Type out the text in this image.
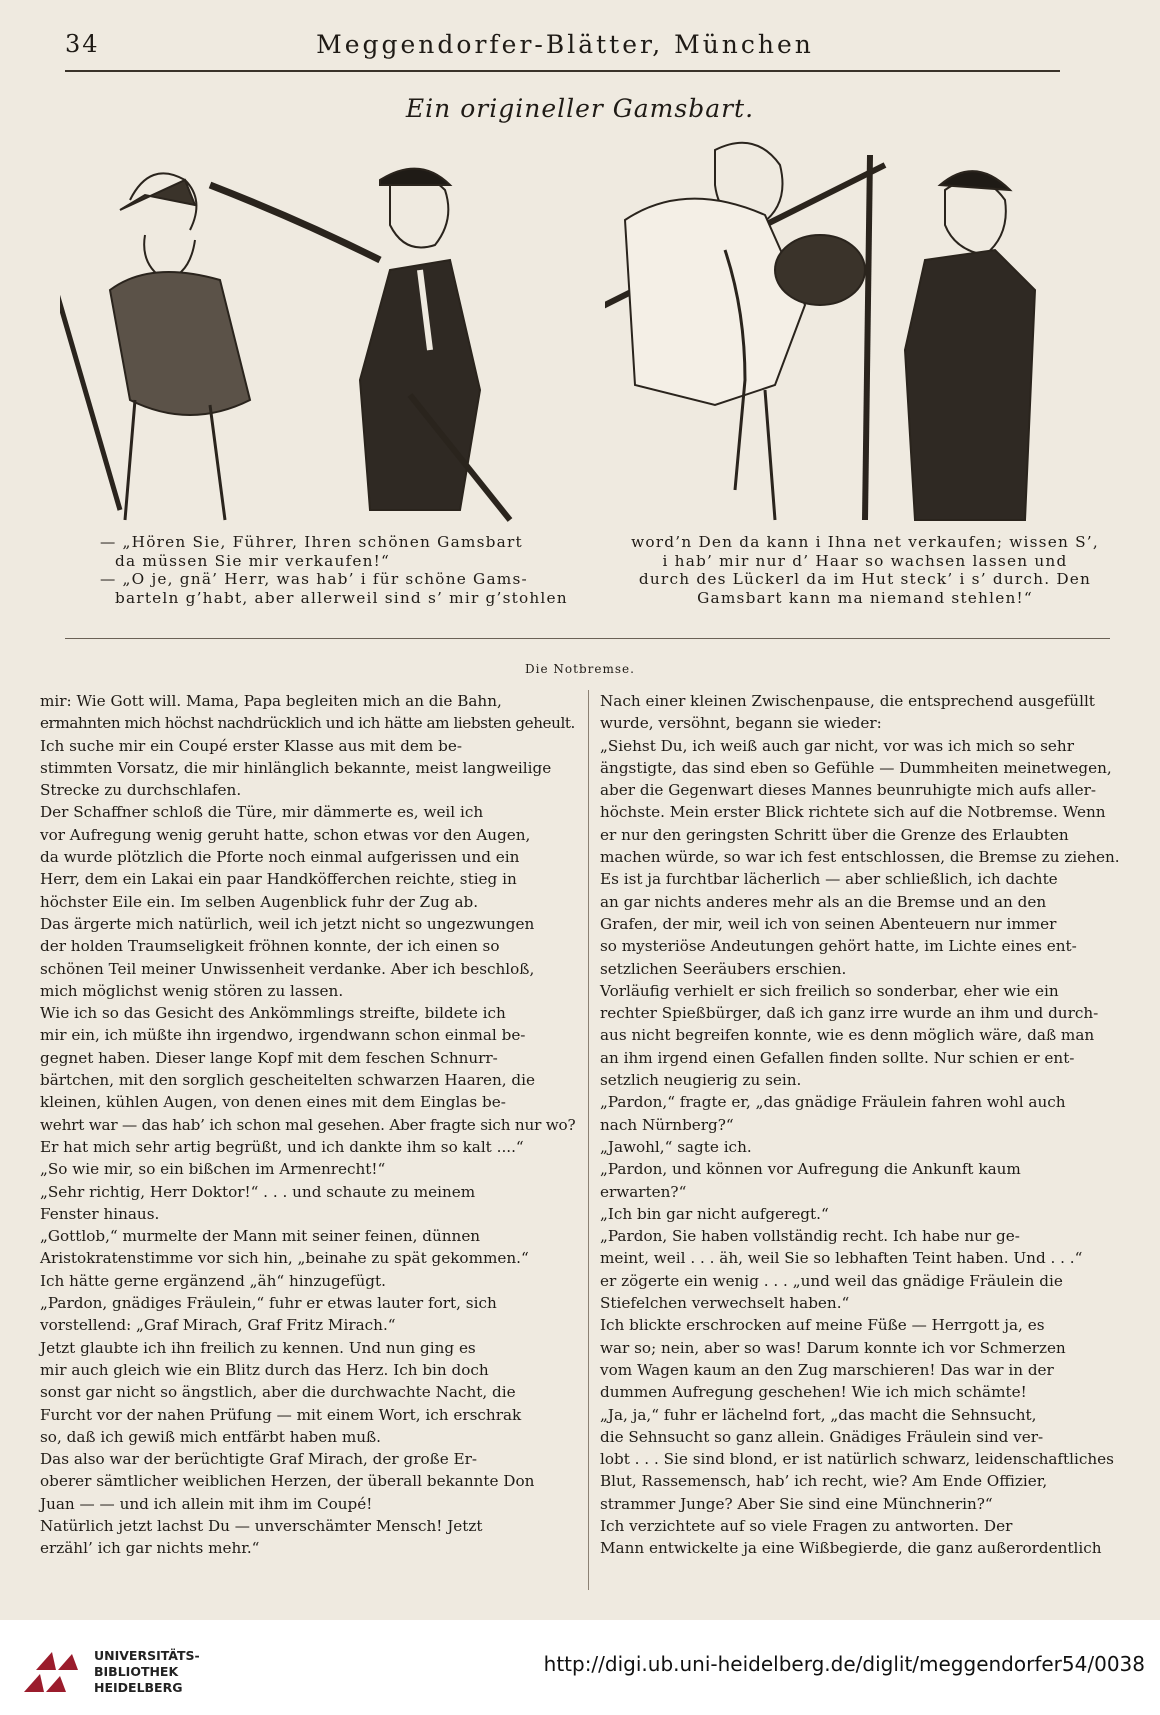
34	Meggendorfer-Blätter, München
Ein origineller Gamsbart.

— „Hören Sie, Führer, Ihren schönen Gamsbart

da müssen Sie mir verkaufen!“

— „O je, gnä’ Herr, was hab’ i für schöne Gams-

barteln g’habt, aber allerweil sind s’ mir g’stohlen

word’n Den da kann i Ihna net verkaufen; wissen S’,

i hab’ mir nur d’ Haar so wachsen lassen und

durch des Lückerl da im Hut steck’ i s’ durch. Den

Gamsbart kann ma niemand stehlen!“

Die Notbremse.

mir: Wie Gott will. Mama, Papa begleiten mich an die Bahn,

ermahnten mich höchst nachdrücklich und ich hätte am liebsten geheult.

Ich suche mir ein Coupé erster Klasse aus mit dem be-

stimmten Vorsatz, die mir hinlänglich bekannte, meist langweilige

Strecke zu durchschlafen.

Der Schaffner schloß die Türe, mir dämmerte es, weil ich

vor Aufregung wenig geruht hatte, schon etwas vor den Augen,

da wurde plötzlich die Pforte noch einmal aufgerissen und ein

Herr, dem ein Lakai ein paar Handköfferchen reichte, stieg in

höchster Eile ein. Im selben Augenblick fuhr der Zug ab.

Das ärgerte mich natürlich, weil ich jetzt nicht so ungezwungen

der holden Traumseligkeit fröhnen konnte, der ich einen so

schönen Teil meiner Unwissenheit verdanke. Aber ich beschloß,

mich möglichst wenig stören zu lassen.

Wie ich so das Gesicht des Ankömmlings streifte, bildete ich

mir ein, ich müßte ihn irgendwo, irgendwann schon einmal be-

gegnet haben. Dieser lange Kopf mit dem feschen Schnurr-

bärtchen, mit den sorglich gescheitelten schwarzen Haaren, die

kleinen, kühlen Augen, von denen eines mit dem Einglas be-

wehrt war — das hab’ ich schon mal gesehen. Aber fragte sich nur wo?

Er hat mich sehr artig begrüßt, und ich dankte ihm so kalt ....“

„So wie mir, so ein bißchen im Armenrecht!“

„Sehr richtig, Herr Doktor!“ . . . und schaute zu meinem

Fenster hinaus.

„Gottlob,“ murmelte der Mann mit seiner feinen, dünnen

Aristokratenstimme vor sich hin, „beinahe zu spät gekommen.“

Ich hätte gerne ergänzend „äh“ hinzugefügt.

„Pardon, gnädiges Fräulein,“ fuhr er etwas lauter fort, sich

vorstellend: „Graf Mirach, Graf Fritz Mirach.“

Jetzt glaubte ich ihn freilich zu kennen. Und nun ging es

mir auch gleich wie ein Blitz durch das Herz. Ich bin doch

sonst gar nicht so ängstlich, aber die durchwachte Nacht, die

Furcht vor der nahen Prüfung — mit einem Wort, ich erschrak

so, daß ich gewiß mich entfärbt haben muß.

Das also war der berüchtigte Graf Mirach, der große Er-

oberer sämtlicher weiblichen Herzen, der überall bekannte Don

Juan — — und ich allein mit ihm im Coupé!

Natürlich jetzt lachst Du — unverschämter Mensch! Jetzt

erzähl’ ich gar nichts mehr.“

Nach einer kleinen Zwischenpause, die entsprechend ausgefüllt

wurde, versöhnt, begann sie wieder:

„Siehst Du, ich weiß auch gar nicht, vor was ich mich so sehr

ängstigte, das sind eben so Gefühle — Dummheiten meinetwegen,

aber die Gegenwart dieses Mannes beunruhigte mich aufs aller-

höchste. Mein erster Blick richtete sich auf die Notbremse. Wenn

er nur den geringsten Schritt über die Grenze des Erlaubten

machen würde, so war ich fest entschlossen, die Bremse zu ziehen.

Es ist ja furchtbar lächerlich — aber schließlich, ich dachte

an gar nichts anderes mehr als an die Bremse und an den

Grafen, der mir, weil ich von seinen Abenteuern nur immer

so mysteriöse Andeutungen gehört hatte, im Lichte eines ent-

setzlichen Seeräubers erschien.

Vorläufig verhielt er sich freilich so sonderbar, eher wie ein

rechter Spießbürger, daß ich ganz irre wurde an ihm und durch-

aus nicht begreifen konnte, wie es denn möglich wäre, daß man

an ihm irgend einen Gefallen finden sollte. Nur schien er ent-

setzlich neugierig zu sein.

„Pardon,“ fragte er, „das gnädige Fräulein fahren wohl auch

nach Nürnberg?“

„Jawohl,“ sagte ich.

„Pardon, und können vor Aufregung die Ankunft kaum

erwarten?“

„Ich bin gar nicht aufgeregt.“

„Pardon, Sie haben vollständig recht. Ich habe nur ge-

meint, weil . . . äh, weil Sie so lebhaften Teint haben. Und . . .“

er zögerte ein wenig . . . „und weil das gnädige Fräulein die

Stiefelchen verwechselt haben.“

Ich blickte erschrocken auf meine Füße — Herrgott ja, es

war so; nein, aber so was! Darum konnte ich vor Schmerzen

vom Wagen kaum an den Zug marschieren! Das war in der

dummen Aufregung geschehen! Wie ich mich schämte!

„Ja, ja,“ fuhr er lächelnd fort, „das macht die Sehnsucht,

die Sehnsucht so ganz allein. Gnädiges Fräulein sind ver-

lobt . . . Sie sind blond, er ist natürlich schwarz, leidenschaftliches

Blut, Rassemensch, hab’ ich recht, wie? Am Ende Offizier,

strammer Junge? Aber Sie sind eine Münchnerin?“

Ich verzichtete auf so viele Fragen zu antworten. Der

Mann entwickelte ja eine Wißbegierde, die ganz außerordentlich

UNIVERSITÄTS-
BIBLIOTHEK
HEIDELBERG
http://digi.ub.uni-heidelberg.de/diglit/meggendorfer54/0038
